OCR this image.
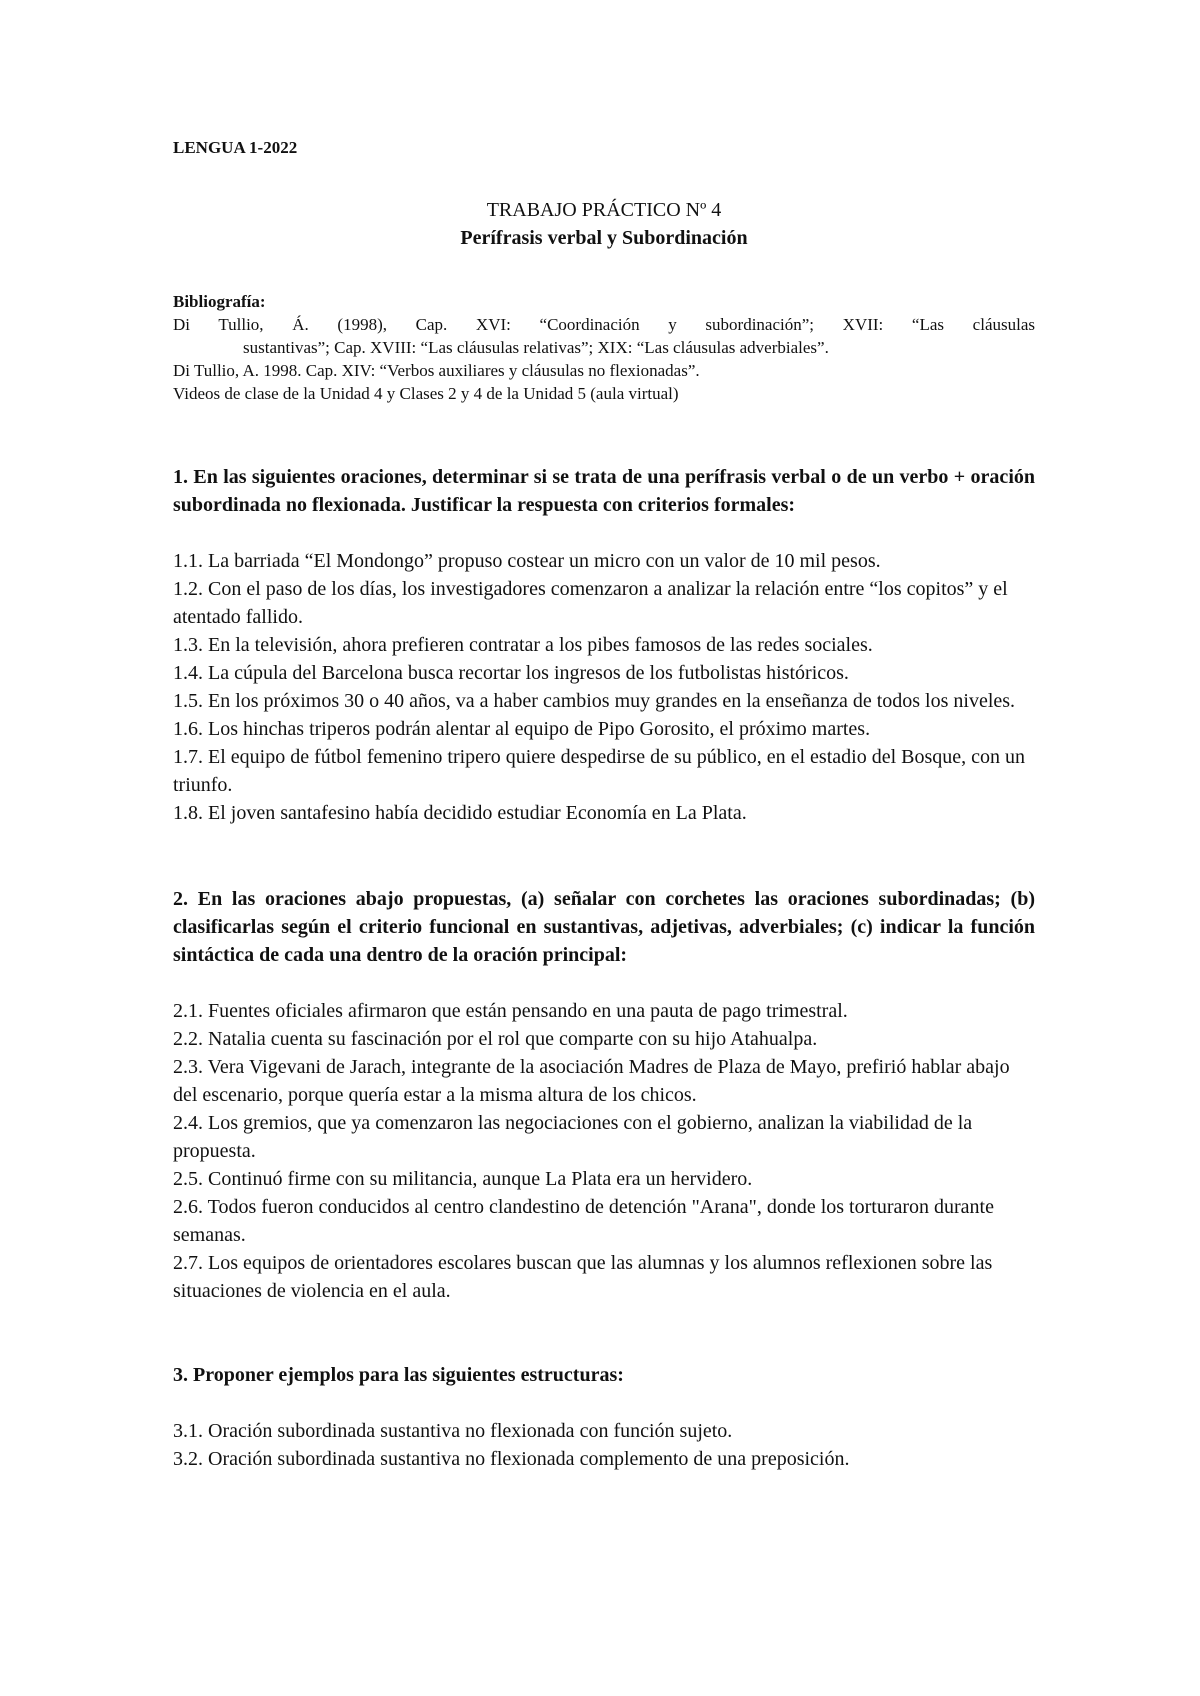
LENGUA 1-2022

TRABAJO PRÁCTICO Nº 4

Perífrasis verbal y Subordinación

Bibliografía:

Di Tullio, Á. (1998), Cap. XVI: “Coordinación y subordinación”; XVII: “Las cláusulas

sustantivas”; Cap. XVIII: “Las cláusulas relativas”; XIX: “Las cláusulas adverbiales”.

Di Tullio, A. 1998. Cap. XIV: “Verbos auxiliares y cláusulas no flexionadas”.

Videos de clase de la Unidad 4 y Clases 2 y 4 de la Unidad 5 (aula virtual)

1. En las siguientes oraciones, determinar si se trata de una perífrasis verbal o de un verbo + oración subordinada no flexionada. Justificar la respuesta con criterios formales:

1.1. La barriada “El Mondongo” propuso costear un micro con un valor de 10 mil pesos.

1.2. Con el paso de los días, los investigadores comenzaron a analizar la relación entre “los copitos” y el atentado fallido.

1.3. En la televisión, ahora prefieren contratar a los pibes famosos de las redes sociales.

1.4. La cúpula del Barcelona busca recortar los ingresos de los futbolistas históricos.

1.5. En los próximos 30 o 40 años, va a haber cambios muy grandes en la enseñanza de todos los niveles.

1.6. Los hinchas triperos podrán alentar al equipo de Pipo Gorosito, el próximo martes.

1.7. El equipo de fútbol femenino tripero quiere despedirse de su público, en el estadio del Bosque, con un triunfo.

1.8. El joven santafesino había decidido estudiar Economía en La Plata.

2. En las oraciones abajo propuestas, (a) señalar con corchetes las oraciones subordinadas; (b) clasificarlas según el criterio funcional en sustantivas, adjetivas, adverbiales; (c) indicar la función sintáctica de cada una dentro de la oración principal:

2.1. Fuentes oficiales afirmaron que están pensando en una pauta de pago trimestral.

2.2. Natalia cuenta su fascinación por el rol que comparte con su hijo Atahualpa.

2.3. Vera Vigevani de Jarach, integrante de la asociación Madres de Plaza de Mayo, prefirió hablar abajo del escenario, porque quería estar a la misma altura de los chicos.

2.4. Los gremios, que ya comenzaron las negociaciones con el gobierno, analizan la viabilidad de la propuesta.

2.5. Continuó firme con su militancia, aunque La Plata era un hervidero.

2.6. Todos fueron conducidos al centro clandestino de detención "Arana", donde los torturaron durante semanas.

2.7. Los equipos de orientadores escolares buscan que las alumnas y los alumnos reflexionen sobre las situaciones de violencia en el aula.

3. Proponer ejemplos para las siguientes estructuras:

3.1. Oración subordinada sustantiva no flexionada con función sujeto.

3.2. Oración subordinada sustantiva no flexionada complemento de una preposición.
